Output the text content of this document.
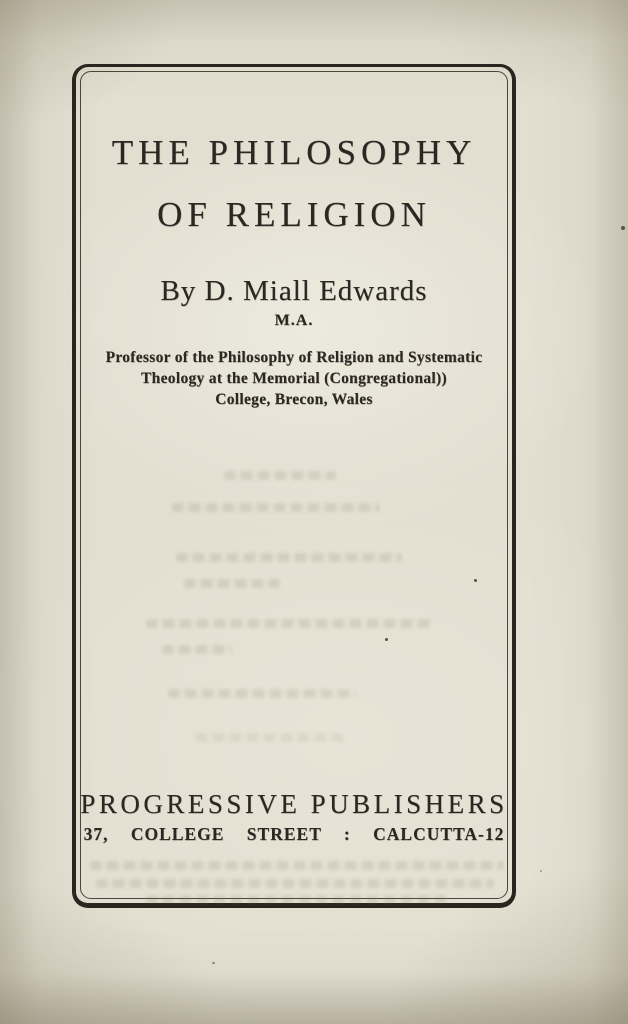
THE PHILOSOPHY
OF RELIGION
By D. Miall Edwards
M.A.
Professor of the Philosophy of Religion and Systematic
Theology at the Memorial (Congregational))
College, Brecon, Wales
PROGRESSIVE PUBLISHERS
37, COLLEGE STREET : CALCUTTA-12
